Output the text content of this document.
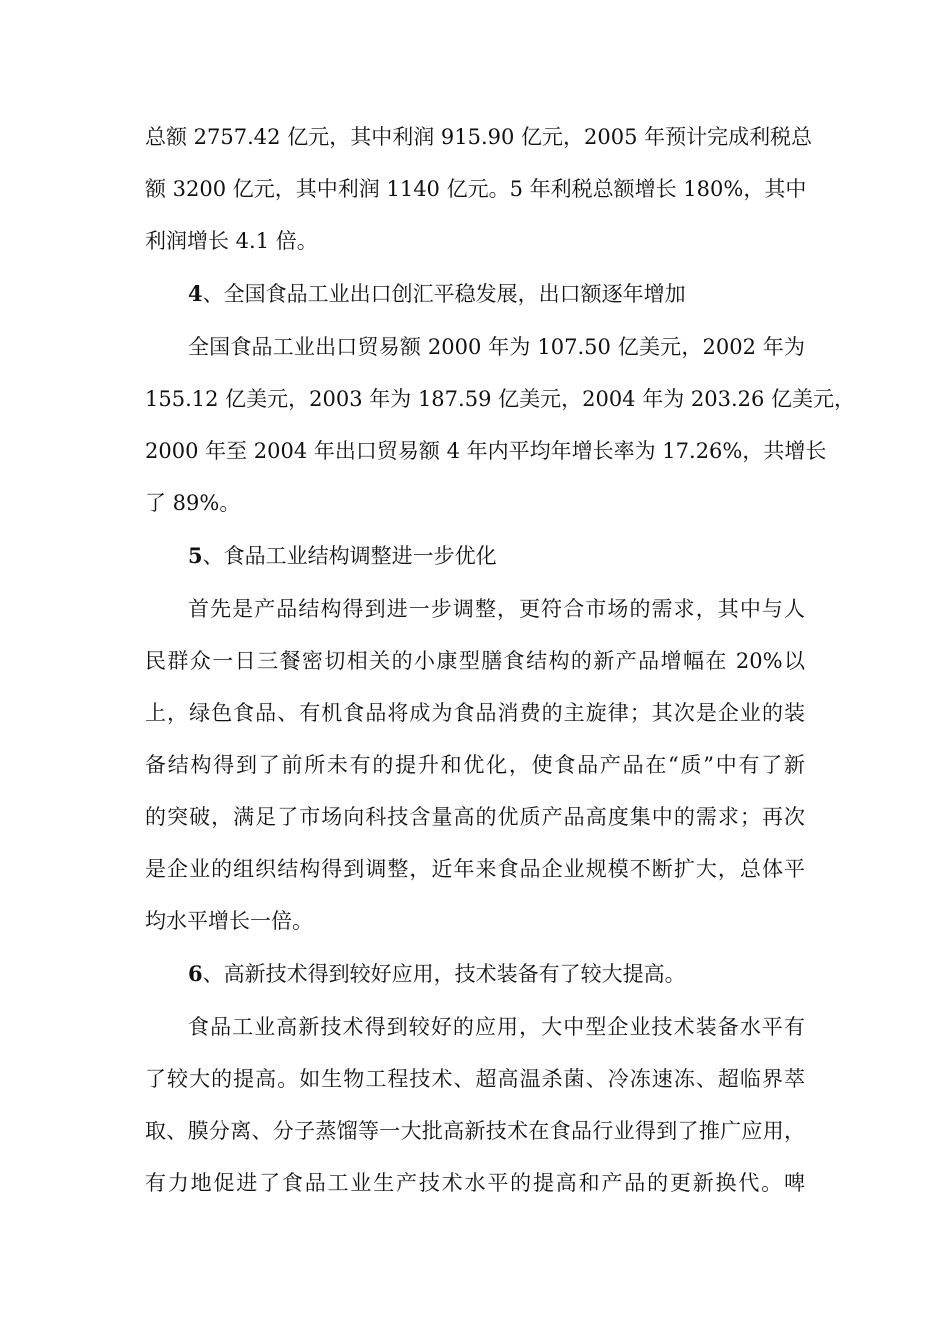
总额 2757.42 亿元，其中利润 915.90 亿元，2005 年预计完成利税总
额 3200 亿元，其中利润 1140 亿元。5 年利税总额增长 180%，其中
利润增长 4.1 倍。
4、全国食品工业出口创汇平稳发展，出口额逐年增加
全国食品工业出口贸易额 2000 年为 107.50 亿美元，2002 年为
155.12 亿美元，2003 年为 187.59 亿美元，2004 年为 203.26 亿美元，
2000 年至 2004 年出口贸易额 4 年内平均年增长率为 17.26%，共增长
了 89%。
5、食品工业结构调整进一步优化
首先是产品结构得到进一步调整，更符合市场的需求，其中与人
民群众一日三餐密切相关的小康型膳食结构的新产品增幅在 20%以
上，绿色食品、有机食品将成为食品消费的主旋律；其次是企业的装
备结构得到了前所未有的提升和优化，使食品产品在“质”中有了新
的突破，满足了市场向科技含量高的优质产品高度集中的需求；再次
是企业的组织结构得到调整，近年来食品企业规模不断扩大，总体平
均水平增长一倍。
6、高新技术得到较好应用，技术装备有了较大提高。
食品工业高新技术得到较好的应用，大中型企业技术装备水平有
了较大的提高。如生物工程技术、超高温杀菌、冷冻速冻、超临界萃
取、膜分离、分子蒸馏等一大批高新技术在食品行业得到了推广应用，
有力地促进了食品工业生产技术水平的提高和产品的更新换代。啤
